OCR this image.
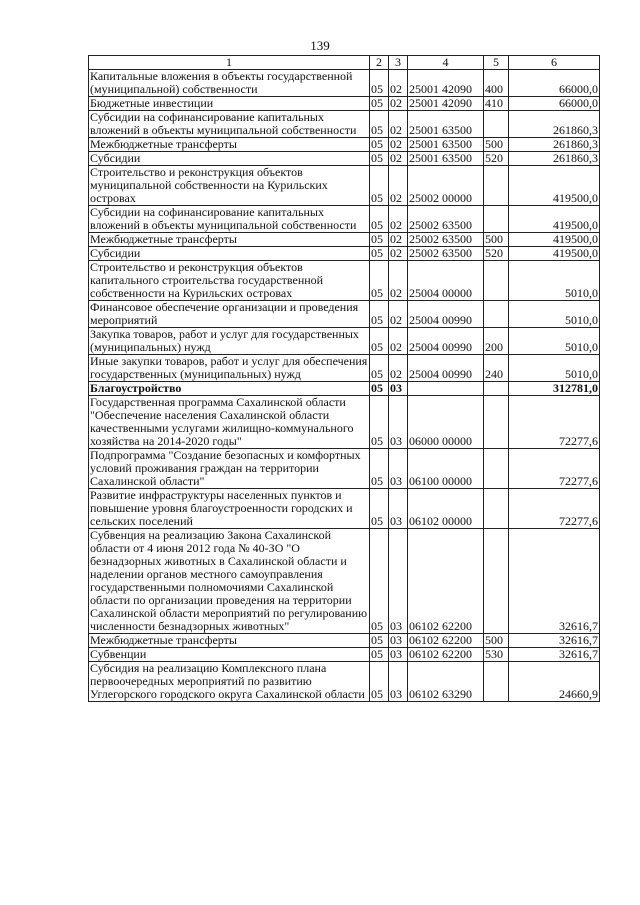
139
1	2	3	4	5	6
Капитальные вложения в объекты государственной (муниципальной) собственности	05	02	25001 42090	400	66000,0
Бюджетные инвестиции	05	02	25001 42090	410	66000,0
Субсидии на софинансирование капитальных вложений в объекты муниципальной собственности	05	02	25001 63500		261860,3
Межбюджетные трансферты	05	02	25001 63500	500	261860,3
Субсидии	05	02	25001 63500	520	261860,3
Строительство и реконструкция объектов муниципальной собственности на Курильских островах	05	02	25002 00000		419500,0
Субсидии на софинансирование капитальных вложений в объекты муниципальной собственности	05	02	25002 63500		419500,0
Межбюджетные трансферты	05	02	25002 63500	500	419500,0
Субсидии	05	02	25002 63500	520	419500,0
Строительство и реконструкция объектов капитального строительства государственной собственности на Курильских островах	05	02	25004 00000		5010,0
Финансовое обеспечение организации и проведения мероприятий	05	02	25004 00990		5010,0
Закупка товаров, работ и услуг для государственных (муниципальных) нужд	05	02	25004 00990	200	5010,0
Иные закупки товаров, работ и услуг для обеспечения государственных (муниципальных) нужд	05	02	25004 00990	240	5010,0
Благоустройство	05	03			312781,0
Государственная программа Сахалинской области "Обеспечение населения Сахалинской области качественными услугами жилищно-коммунального хозяйства на 2014-2020 годы"	05	03	06000 00000		72277,6
Подпрограмма "Создание безопасных и комфортных условий проживания граждан на территории Сахалинской области"	05	03	06100 00000		72277,6
Развитие инфраструктуры населенных пунктов и повышение уровня благоустроенности городских и сельских поселений	05	03	06102 00000		72277,6
Субвенция на реализацию Закона Сахалинской области от 4 июня 2012 года № 40-ЗО "О безнадзорных животных в Сахалинской области и наделении органов местного самоуправления государственными полномочиями Сахалинской области по организации проведения на территории Сахалинской области мероприятий по регулированию численности безнадзорных животных"	05	03	06102 62200		32616,7
Межбюджетные трансферты	05	03	06102 62200	500	32616,7
Субвенции	05	03	06102 62200	530	32616,7
Субсидия на реализацию Комплексного плана первоочередных мероприятий по развитию Углегорского городского округа Сахалинской области	05	03	06102 63290		24660,9
